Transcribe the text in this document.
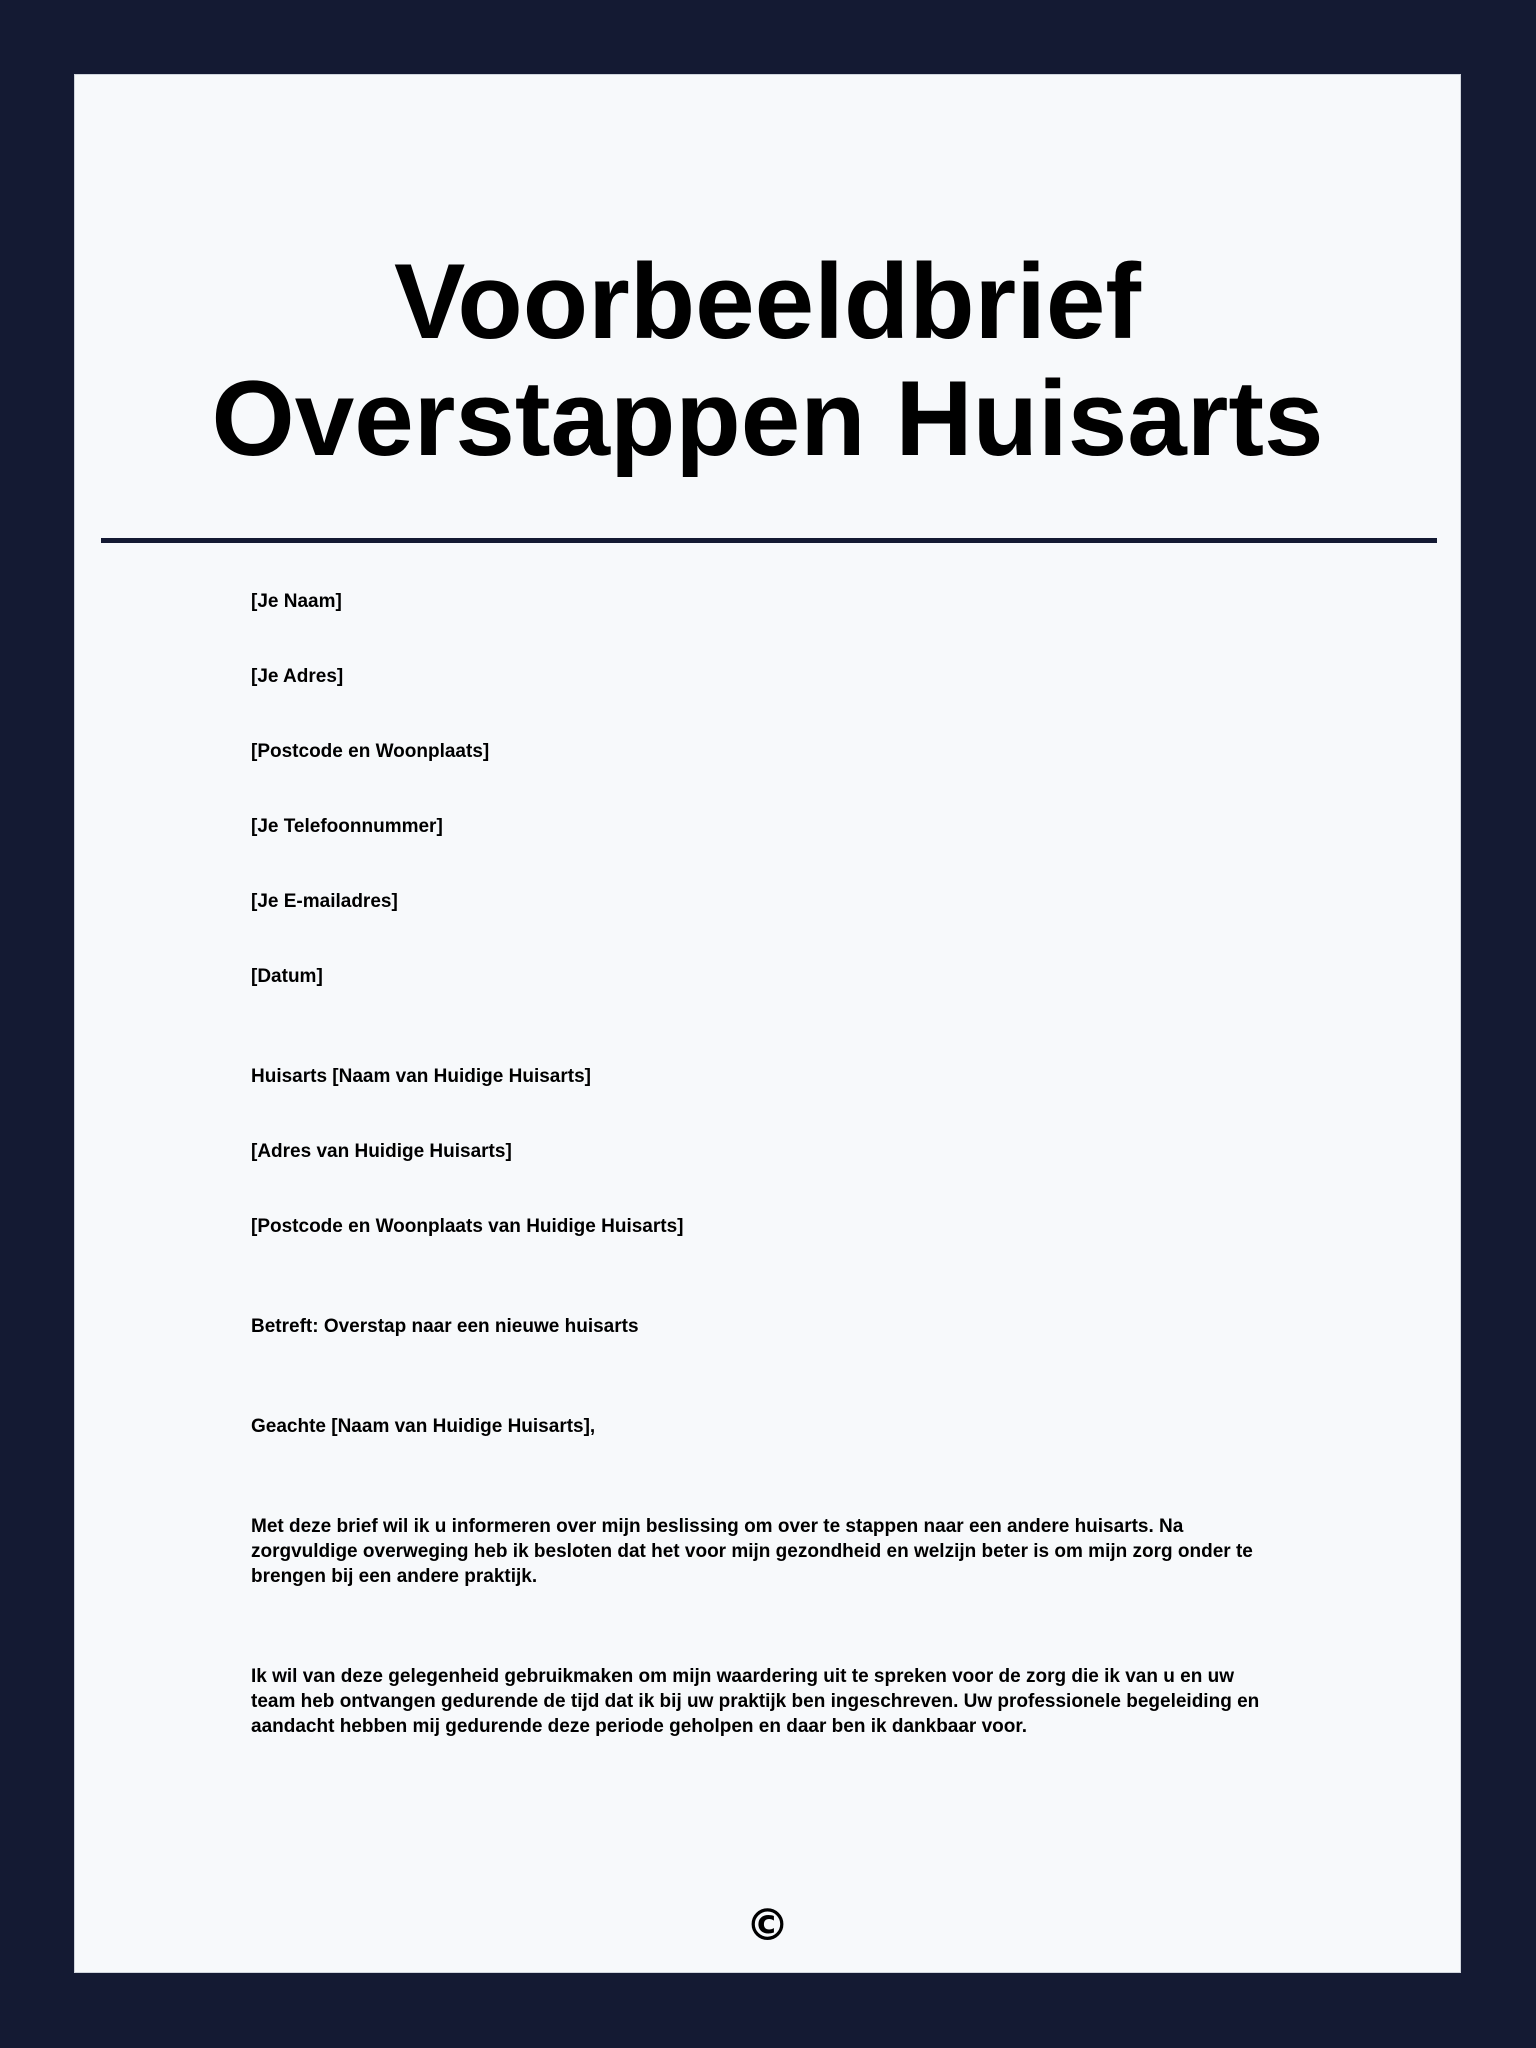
Voorbeeldbrief Overstappen Huisarts

[Je Naam]

[Je Adres]

[Postcode en Woonplaats]

[Je Telefoonnummer]

[Je E-mailadres]

[Datum]

Huisarts [Naam van Huidige Huisarts]

[Adres van Huidige Huisarts]

[Postcode en Woonplaats van Huidige Huisarts]

Betreft: Overstap naar een nieuwe huisarts

Geachte [Naam van Huidige Huisarts],

Met deze brief wil ik u informeren over mijn beslissing om over te stappen naar een andere huisarts. Na zorgvuldige overweging heb ik besloten dat het voor mijn gezondheid en welzijn beter is om mijn zorg onder te brengen bij een andere praktijk.

Ik wil van deze gelegenheid gebruikmaken om mijn waardering uit te spreken voor de zorg die ik van u en uw team heb ontvangen gedurende de tijd dat ik bij uw praktijk ben ingeschreven. Uw professionele begeleiding en aandacht hebben mij gedurende deze periode geholpen en daar ben ik dankbaar voor.

©
